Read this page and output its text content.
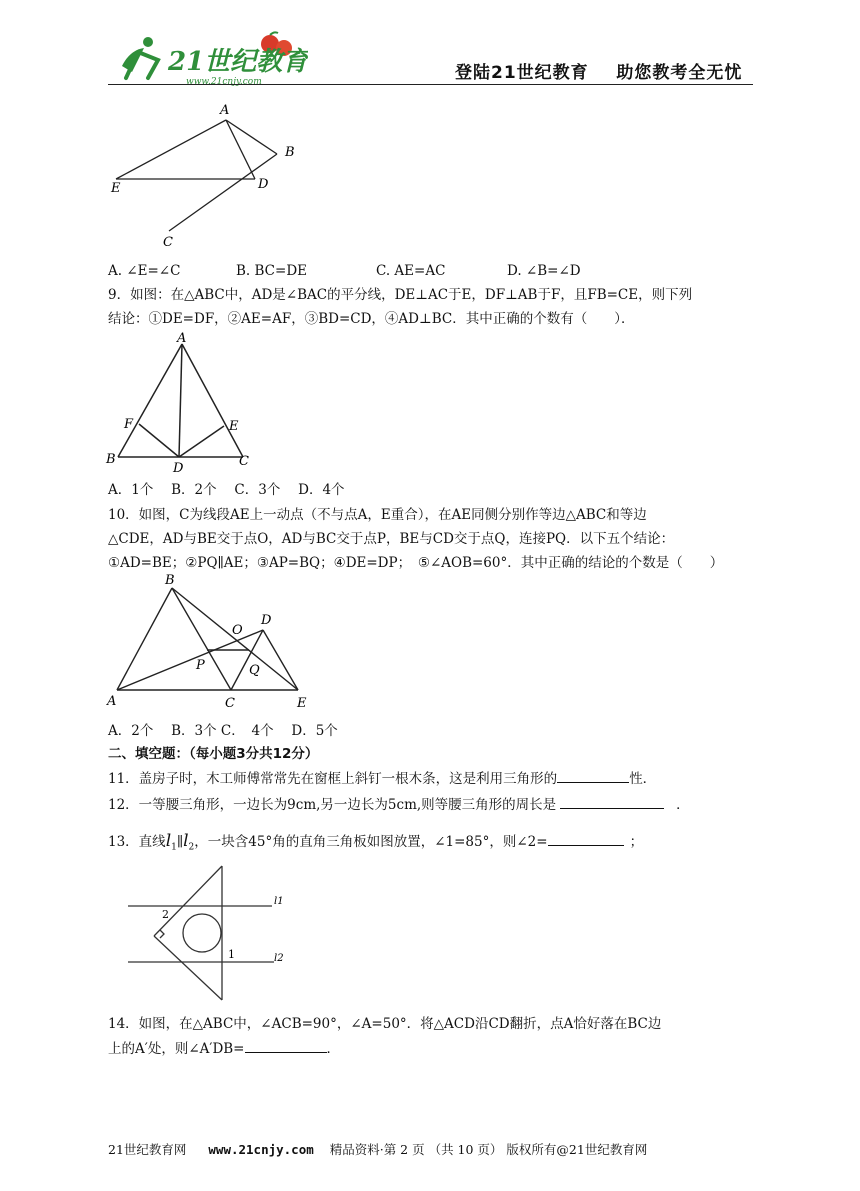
21世纪教育
www.21cnjy.com	登陆21世纪教育    助您教考全无忧
A
B
E	D
C
A. ∠E=∠C	B. BC=DE	C. AE=AC	D. ∠B=∠D
9．如图：在△ABC中，AD是∠BAC的平分线，DE⊥AC于E，DF⊥AB于F，且FB=CE，则下列
结论：①DE=DF，②AE=AF，③BD=CD，④AD⊥BC．其中正确的个数有（　　）．
A
F	E
B
D	C
A．1个　 B．2个　 C．3个　 D．4个
10．如图，C为线段AE上一动点（不与点A，E重合），在AE同侧分别作等边△ABC和等边
△CDE，AD与BE交于点O，AD与BC交于点P，BE与CD交于点Q，连接PQ．以下五个结论：
①AD=BE；②PQ∥AE；③AP=BQ；④DE=DP；　⑤∠AOB=60°．其中正确的结论的个数是（　　）
B
D
O
P	Q
A	C	E
A．2个　 B．3个 C．　4个　 D．5个
二、填空题：（每小题3分共12分）
11．盖房子时，木工师傅常常先在窗框上斜钉一根木条，这是利用三角形的	性．
12．一等腰三角形，一边长为9cm,另一边长为5cm,则等腰三角形的周长是	．
13．直线$l_1\parallel l_2$，一块含45°角的直角三角板如图放置，∠1=85°，则∠2=	；
l1
l2
2
1
14．如图，在△ABC中，∠ACB=90°，∠A=50°．将△ACD沿CD翻折，点A恰好落在BC边
上的A′处，则∠A′DB=	．
21世纪教育网 www.21cnjy.com 精品资料·第 2 页 （共 10 页） 版权所有@21世纪教育网
